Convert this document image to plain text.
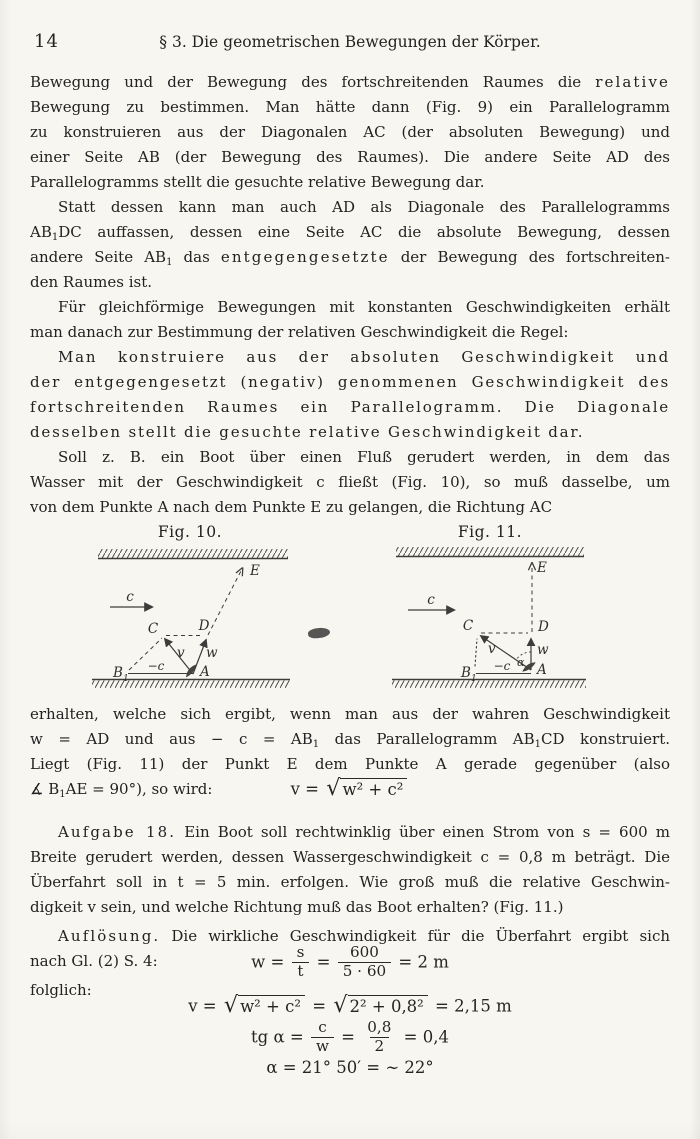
14	§ 3. Die geometrischen Bewegungen der Körper.
Bewegung und der Bewegung des fortschreitenden Raumes die relative
Bewegung zu bestimmen. Man hätte dann (Fig. 9) ein Parallelogramm
zu konstruieren aus der Diagonalen AC (der absoluten Bewegung) und
einer Seite AB (der Bewegung des Raumes). Die andere Seite AD des
Parallelogramms stellt die gesuchte relative Bewegung dar.
Statt dessen kann man auch AD als Diagonale des Parallelogramms
$AB_1DC$ auffassen, dessen eine Seite AC die absolute Bewegung, dessen
andere Seite $AB_1$ das entgegengesetzte der Bewegung des fortschreiten-
den Raumes ist.
Für gleichförmige Bewegungen mit konstanten Geschwindigkeiten erhält
man danach zur Bestimmung der relativen Geschwindigkeit die Regel:
Man konstruiere aus der absoluten Geschwindigkeit und
der entgegengesetzt (negativ) genommenen Geschwindigkeit des
fortschreitenden Raumes ein Parallelogramm. Die Diagonale
desselben stellt die gesuchte relative Geschwindigkeit dar.
Soll z. B. ein Boot über einen Fluß gerudert werden, in dem das
Wasser mit der Geschwindigkeit c fließt (Fig. 10), so muß dasselbe, um
von dem Punkte A nach dem Punkte E zu gelangen, die Richtung AC
Fig. 10.	Fig. 11.
E
c
C	D
v w
B 1
−c	A
E
c
C	D
v	w
B 1
−c A
α
erhalten, welche sich ergibt, wenn man aus der wahren Geschwindigkeit
w = AD und aus − $c = AB_1$ das Parallelogramm $AB_1CD$ konstruiert.
Liegt (Fig. 11) der Punkt E dem Punkte A gerade gegenüber (also
∡ $B_1AE = 90^\circ$), so wird:	v = √ w² + c²
Aufgabe 18. Ein Boot soll rechtwinklig über einen Strom von s = 600 m
Breite gerudert werden, dessen Wassergeschwindigkeit c = 0,8 m beträgt. Die
Überfahrt soll in t = 5 min. erfolgen. Wie groß muß die relative Geschwin-
digkeit v sein, und welche Richtung muß das Boot erhalten? (Fig. 11.)
Auflösung. Die wirkliche Geschwindigkeit für die Überfahrt ergibt sich
nach Gl. (2) S. 4:	$w = \frac{s}{t} = \frac{600}{5 \cdot 60} = 2$ m
folglich:
v = √ w² + c² = √ 2² + 0,8² = 2,15 m
tg $\alpha = \frac{c}{w} = \frac{0,8}{2} = 0,4$
α = 21° 50′ = ∼ 22°
